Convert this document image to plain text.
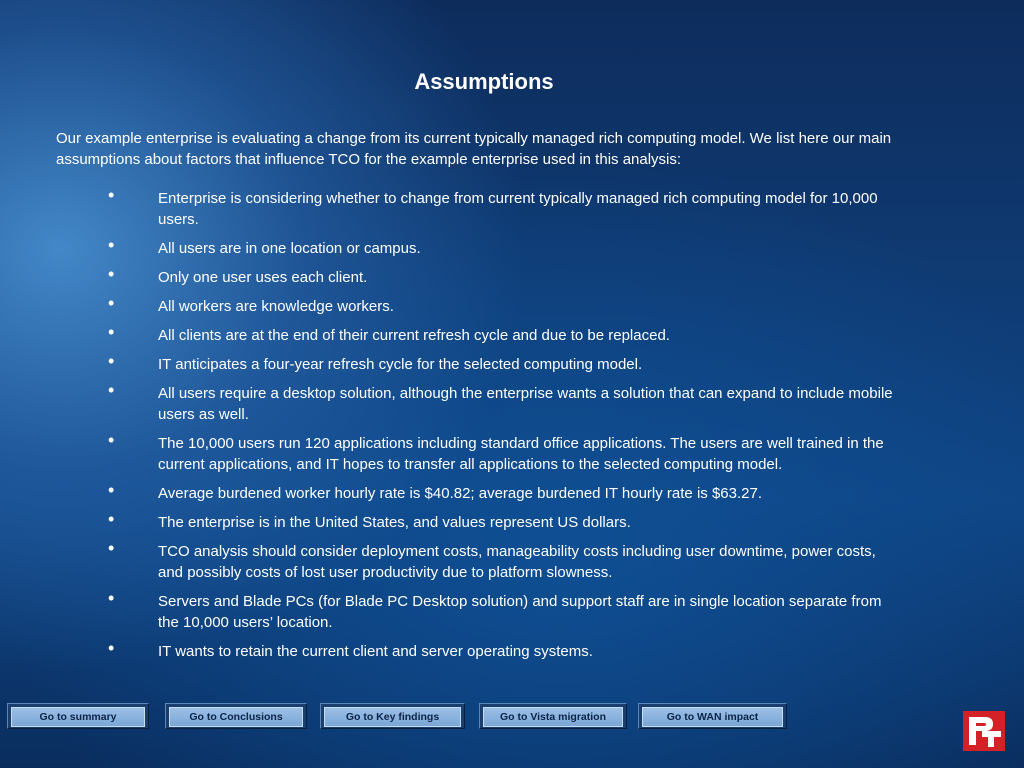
Assumptions

Our example enterprise is evaluating a change from its current typically managed rich computing model. We list here our main assumptions about factors that influence TCO for the example enterprise used in this analysis:

•	Enterprise is considering whether to change from current typically managed rich computing model for 10,000 users.
•	All users are in one location or campus.
•	Only one user uses each client.
•	All workers are knowledge workers.
•	All clients are at the end of their current refresh cycle and due to be replaced.
•	IT anticipates a four-year refresh cycle for the selected computing model.
•	All users require a desktop solution, although the enterprise wants a solution that can expand to include mobile users as well.
•	The 10,000 users run 120 applications including standard office applications. The users are well trained in the current applications, and IT hopes to transfer all applications to the selected computing model.
•	Average burdened worker hourly rate is $40.82; average burdened IT hourly rate is $63.27.
•	The enterprise is in the United States, and values represent US dollars.
•	TCO analysis should consider deployment costs, manageability costs including user downtime, power costs, and possibly costs of lost user productivity due to platform slowness.
•	Servers and Blade PCs (for Blade PC Desktop solution) and support staff are in single location separate from the 10,000 users’ location.
•	IT wants to retain the current client and server operating systems.
Go to summary	Go to Conclusions	Go to Key findings	Go to Vista migration	Go to WAN impact
